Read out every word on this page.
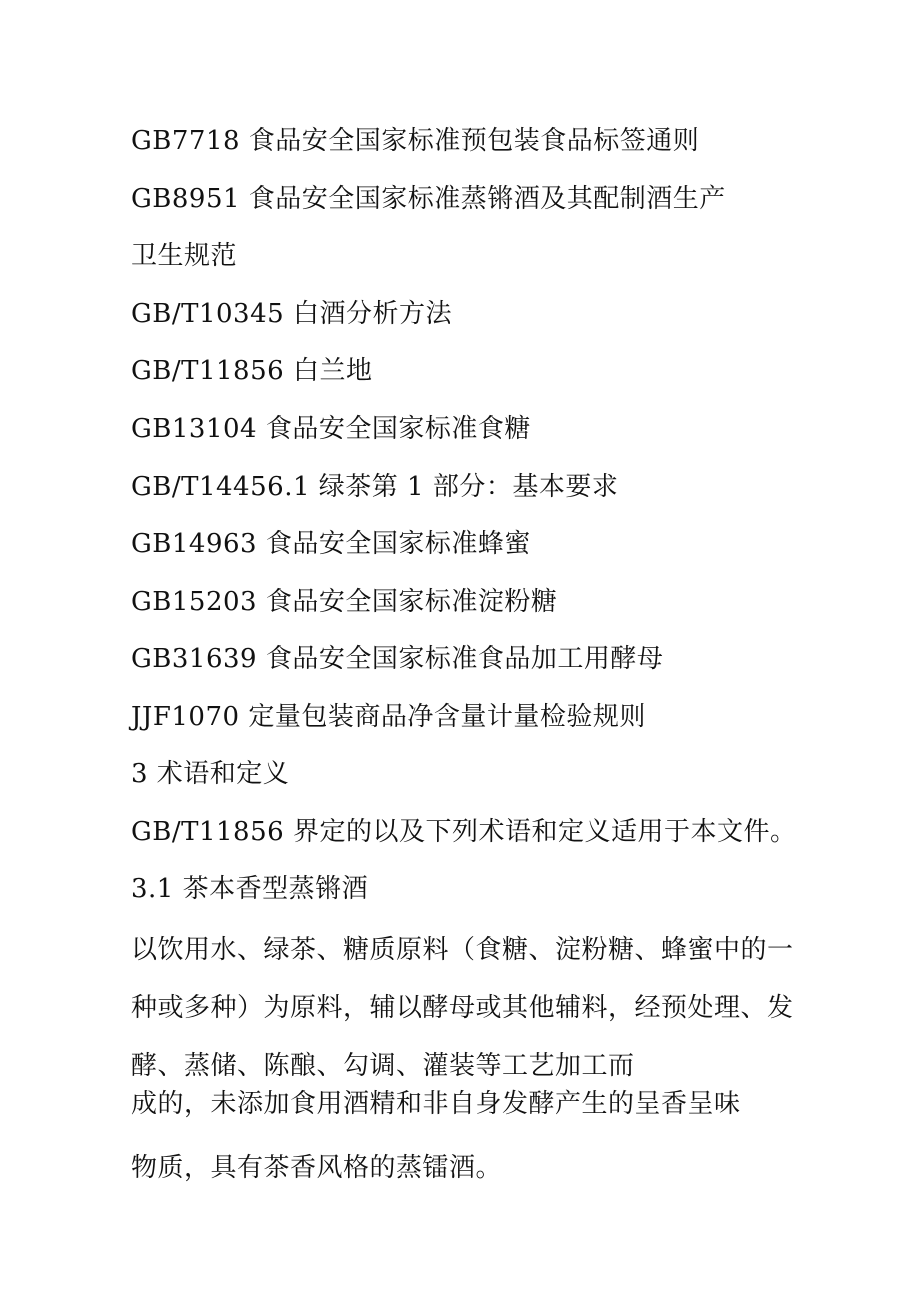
GB7718 食品安全国家标准预包装食品标签通则
GB8951 食品安全国家标准蒸锵酒及其配制酒生产
卫生规范
GB/T10345 白酒分析方法
GB/T11856 白兰地
GB13104 食品安全国家标准食糖
GB/T14456.1 绿茶第 1 部分：基本要求
GB14963 食品安全国家标准蜂蜜
GB15203 食品安全国家标准淀粉糖
GB31639 食品安全国家标准食品加工用酵母
JJF1070 定量包装商品净含量计量检验规则
3 术语和定义
GB/T11856 界定的以及下列术语和定义适用于本文件。
3.1 茶本香型蒸锵酒
以饮用水、绿茶、糖质原料（食糖、淀粉糖、蜂蜜中的一
种或多种）为原料，辅以酵母或其他辅料，经预处理、发
酵、蒸储、陈酿、勾调、灌装等工艺加工而
成的，未添加食用酒精和非自身发酵产生的呈香呈味
物质，具有茶香风格的蒸镭酒。
